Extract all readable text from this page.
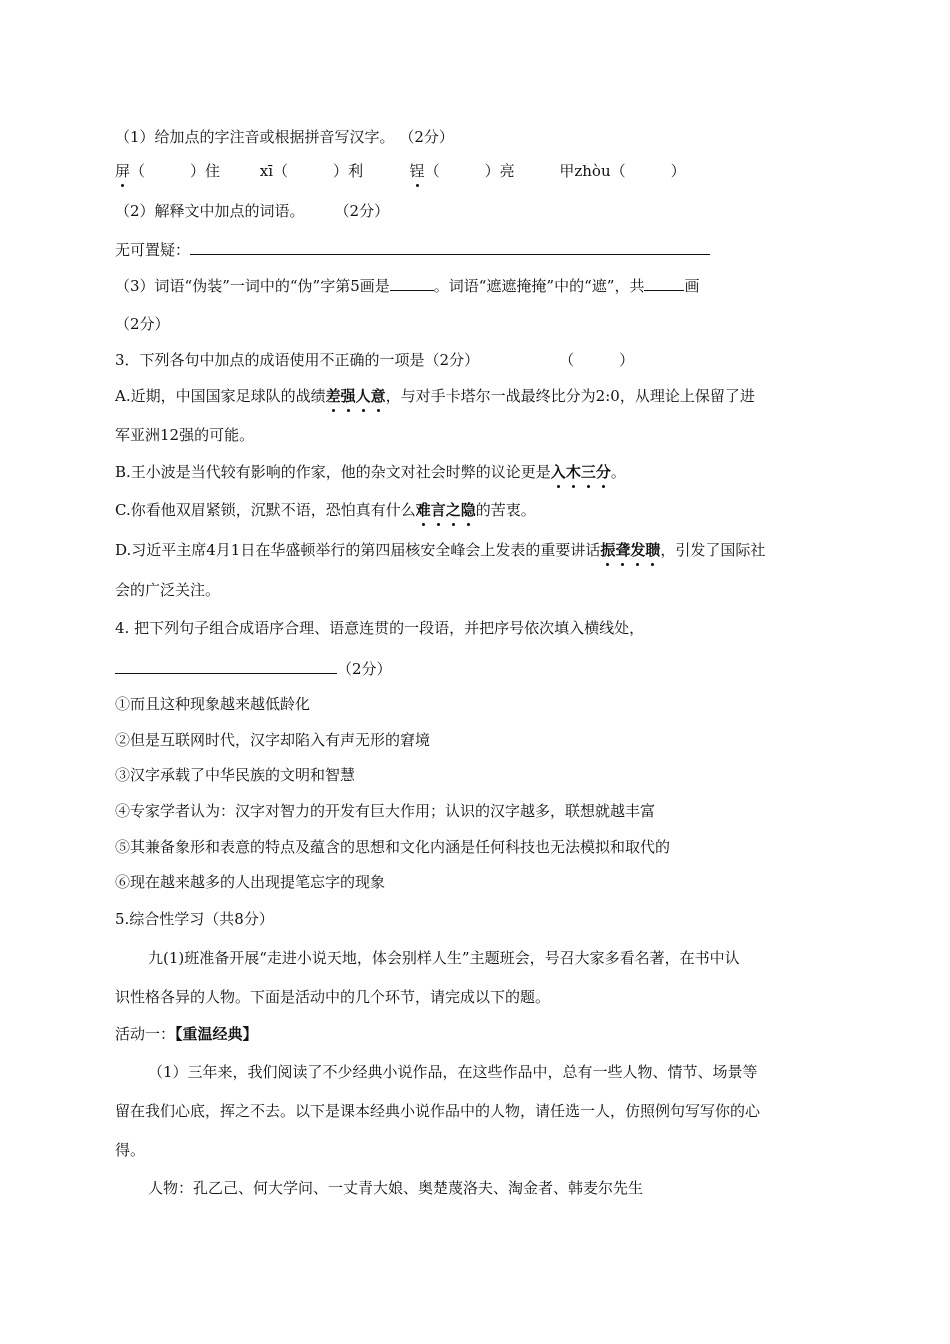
（1）给加点的字注音或根据拼音写汉字。 （2分）
屏（　　　）住	xī（　　　）利	锃（　　　）亮	甲zhòu（　　　）
（2）解释文中加点的词语。　　　（2分）
无可置疑：
（3）词语“伪装”一词中的“伪”字第5画是	。词语“遮遮掩掩”中的“遮”，共	画
（2分）
3．下列各句中加点的成语使用不正确的一项是（2分）	（　　　）
A.近期，中国国家足球队的战绩差强人意，与对手卡塔尔一战最终比分为2:0，从理论上保留了进
军亚洲12强的可能。
B.王小波是当代较有影响的作家，他的杂文对社会时弊的议论更是入木三分。
C.你看他双眉紧锁，沉默不语，恐怕真有什么难言之隐的苦衷。
D.习近平主席4月1日在华盛顿举行的第四届核安全峰会上发表的重要讲话振聋发聩，引发了国际社
会的广泛关注。
4. 把下列句子组合成语序合理、语意连贯的一段语，并把序号依次填入横线处，
（2分）
①而且这种现象越来越低龄化
②但是互联网时代，汉字却陷入有声无形的窘境
③汉字承载了中华民族的文明和智慧
④专家学者认为：汉字对智力的开发有巨大作用；认识的汉字越多，联想就越丰富
⑤其兼备象形和表意的特点及蕴含的思想和文化内涵是任何科技也无法模拟和取代的
⑥现在越来越多的人出现提笔忘字的现象
5.综合性学习（共8分）
九(1)班准备开展“走进小说天地，体会别样人生”主题班会，号召大家多看名著，在书中认
识性格各异的人物。下面是活动中的几个环节，请完成以下的题。
活动一：【重温经典】
（1）三年来，我们阅读了不少经典小说作品，在这些作品中，总有一些人物、情节、场景等
留在我们心底，挥之不去。以下是课本经典小说作品中的人物，请任选一人，仿照例句写写你的心
得。
人物：孔乙己、何大学问、一丈青大娘、奥楚蔑洛夫、淘金者、韩麦尔先生
